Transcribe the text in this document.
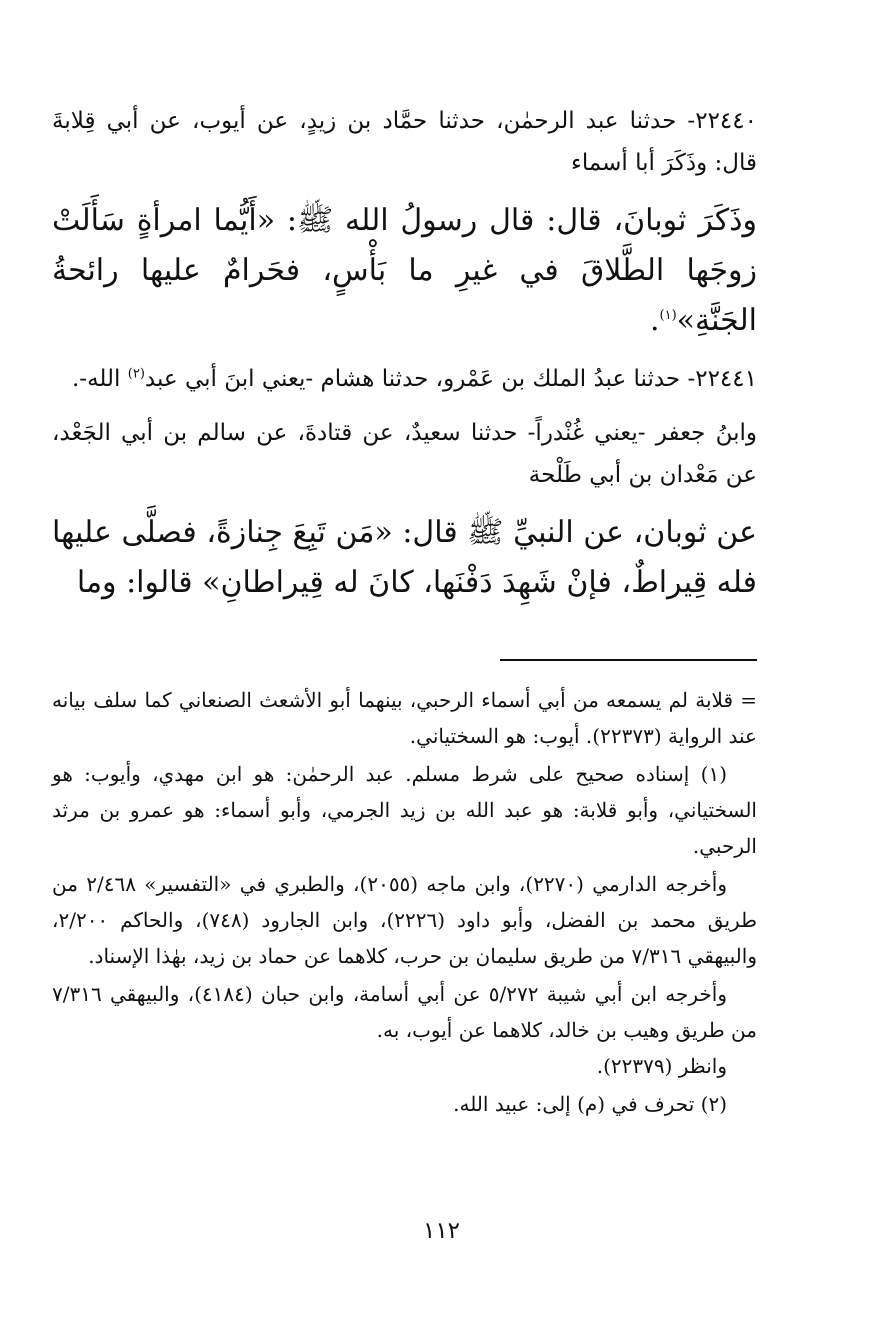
٢٢٤٤٠- حدثنا عبد الرحمٰن، حدثنا حمَّاد بن زيدٍ، عن أيوب، عن أبي قِلابةَ قال: وذَكَرَ أبا أسماء

وذَكَرَ ثوبانَ، قال: قال رسولُ الله ﷺ: «أَيُّما امرأةٍ سَأَلَتْ زوجَها الطَّلاقَ في غيرِ ما بَأْسٍ، فحَرامٌ عليها رائحةُ الجَنَّةِ»$^{(١)}$.

٢٢٤٤١- حدثنا عبدُ الملك بن عَمْرو، حدثنا هشام -يعني ابنَ أبي عبد$^{(٢)}$ الله-.

وابنُ جعفر -يعني غُنْدراً- حدثنا سعيدٌ، عن قتادةَ، عن سالم بن أبي الجَعْد، عن مَعْدان بن أبي طَلْحة

عن ثوبان، عن النبيِّ ﷺ قال: «مَن تَبِعَ جِنازةً، فصلَّى عليها فله قِيراطٌ، فإنْ شَهِدَ دَفْنَها، كانَ له قِيراطانِ» قالوا: وما

= قلابة لم يسمعه من أبي أسماء الرحبي، بينهما أبو الأشعث الصنعاني كما سلف بيانه عند الرواية (٢٢٣٧٣). أيوب: هو السختياني.

(١) إسناده صحيح على شرط مسلم. عبد الرحمٰن: هو ابن مهدي، وأيوب: هو السختياني، وأبو قلابة: هو عبد الله بن زيد الجرمي، وأبو أسماء: هو عمرو بن مرثد الرحبي.

وأخرجه الدارمي (٢٢٧٠)، وابن ماجه (٢٠٥٥)، والطبري في «التفسير» ٢/٤٦٨ من طريق محمد بن الفضل، وأبو داود (٢٢٢٦)، وابن الجارود (٧٤٨)، والحاكم ٢/٢٠٠، والبيهقي ٧/٣١٦ من طريق سليمان بن حرب، كلاهما عن حماد بن زيد، بهٰذا الإسناد.

وأخرجه ابن أبي شيبة ٥/٢٧٢ عن أبي أسامة، وابن حبان (٤١٨٤)، والبيهقي ٧/٣١٦ من طريق وهيب بن خالد، كلاهما عن أيوب، به.

وانظر (٢٢٣٧٩).

(٢) تحرف في (م) إلى: عبيد الله.

١١٢
